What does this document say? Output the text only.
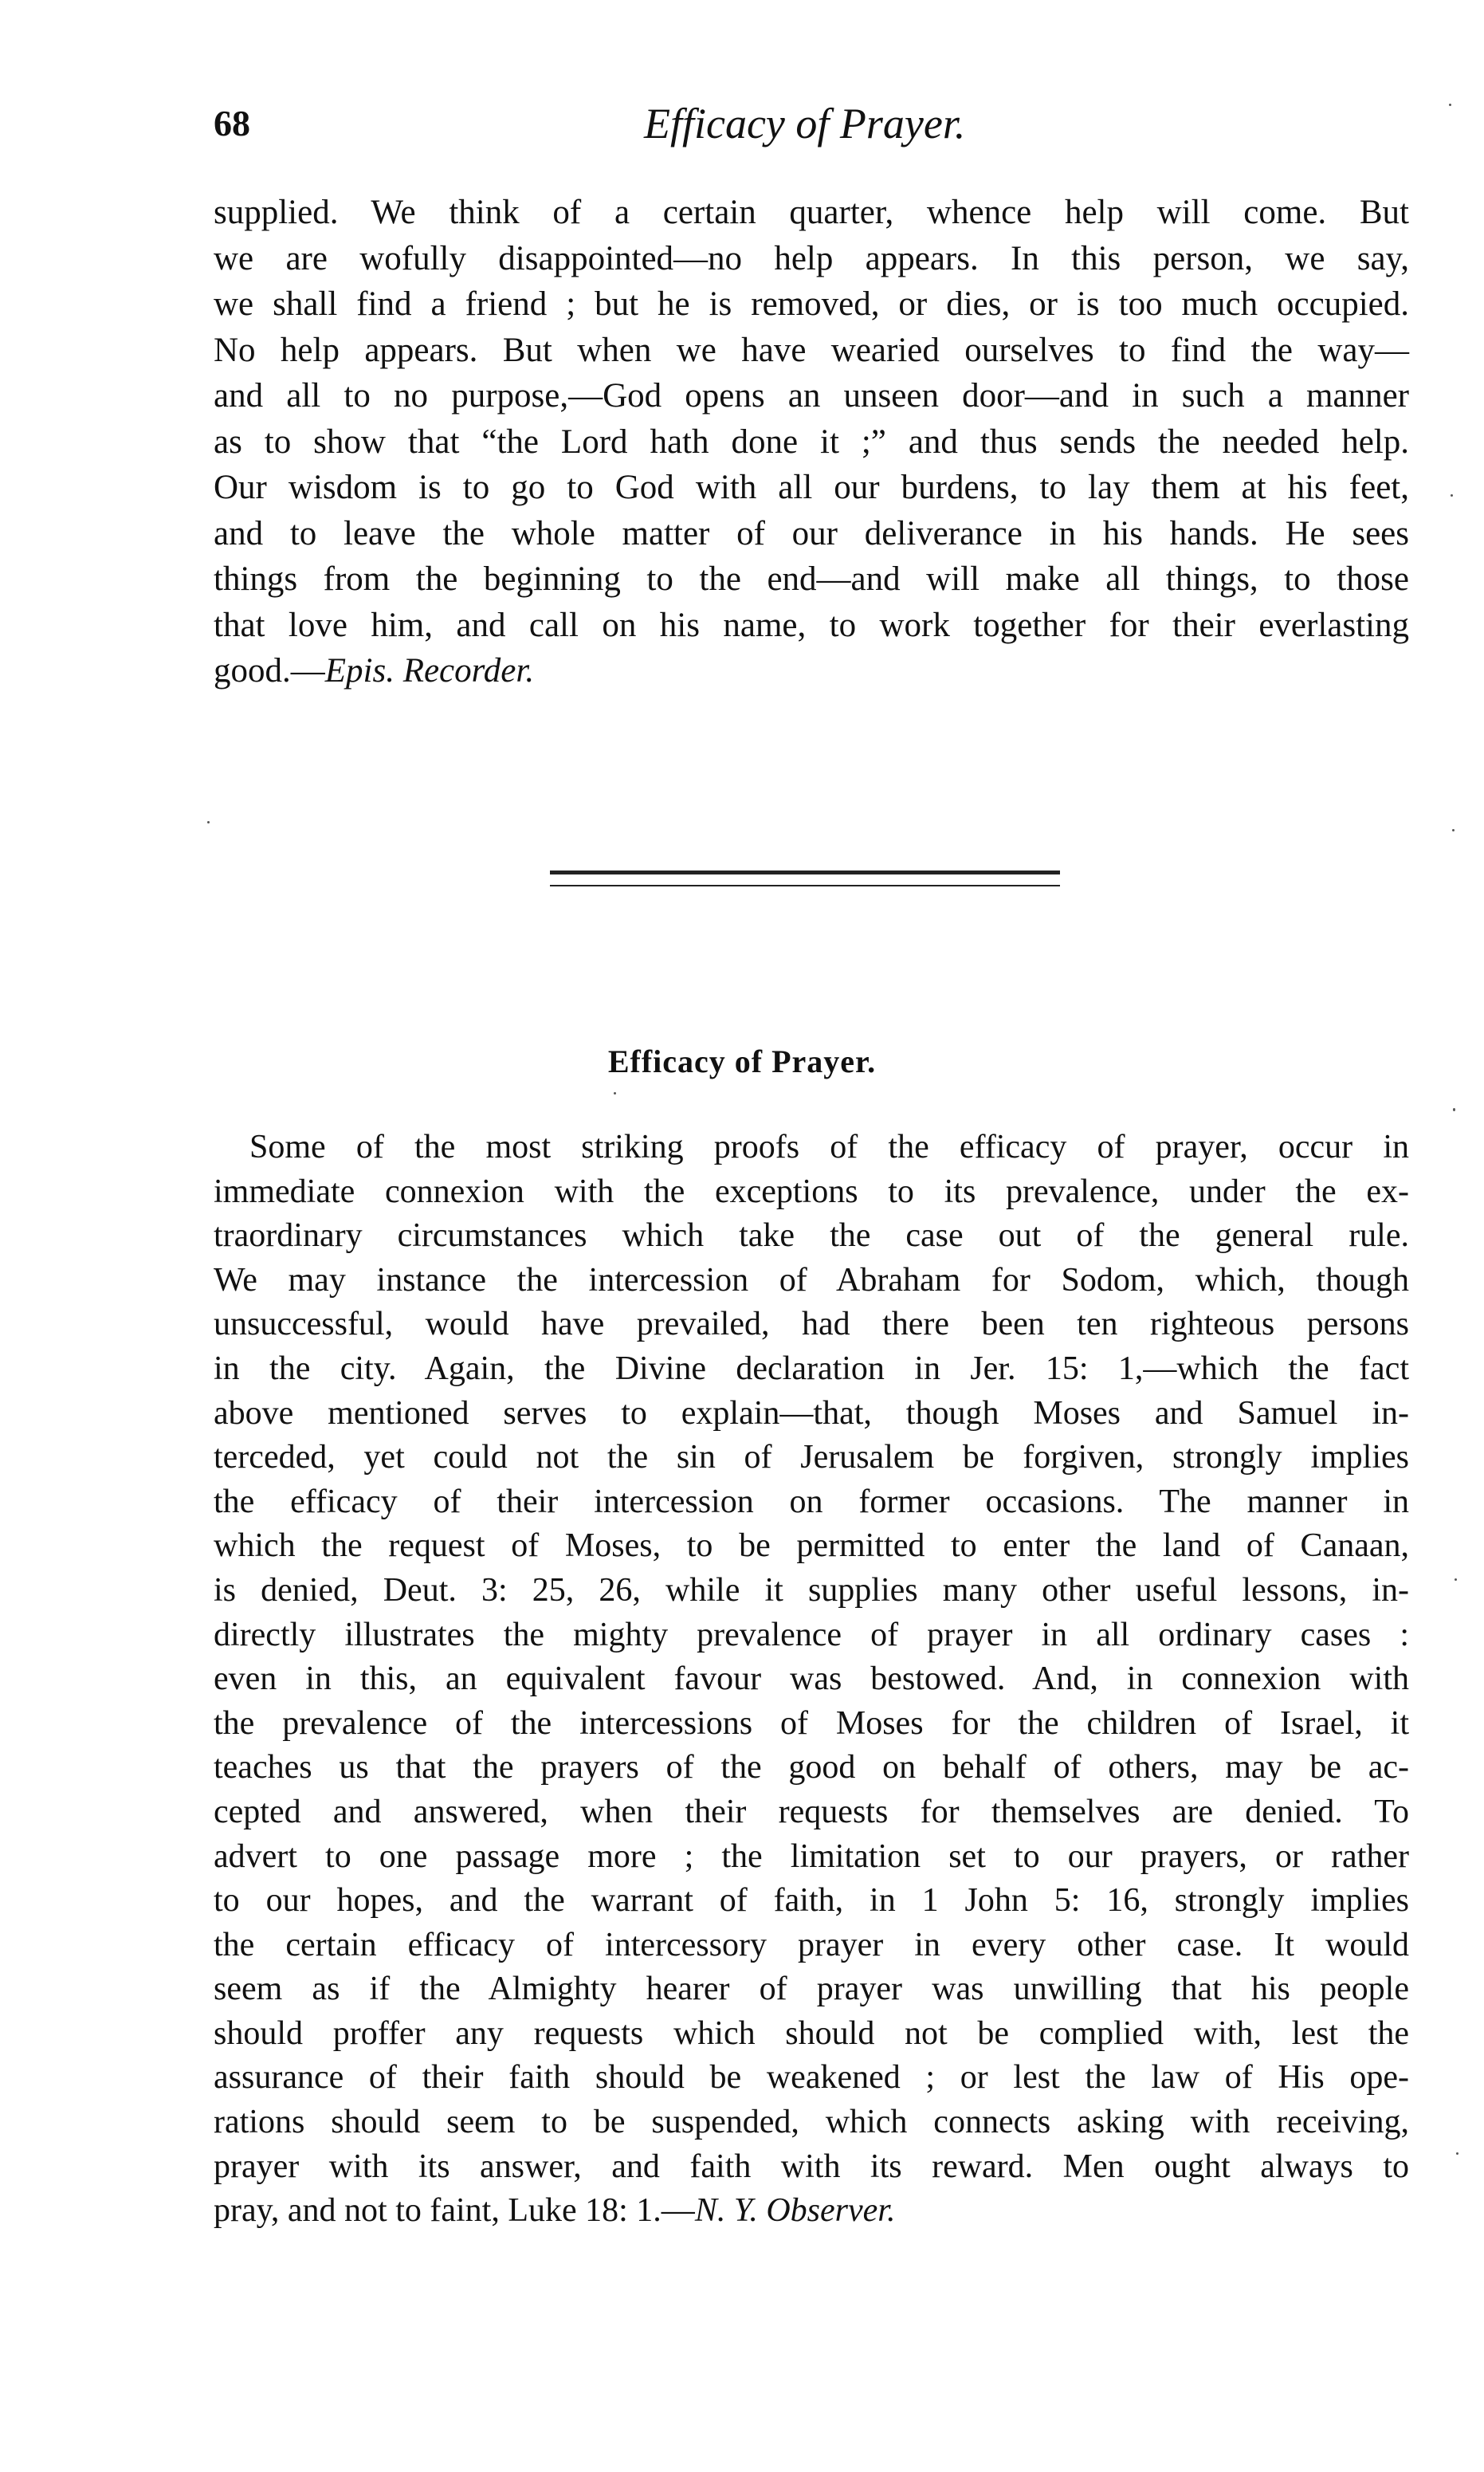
68	Efficacy of Prayer.
supplied. We think of a certain quarter, whence help will come. But
we are wofully disappointed—no help appears. In this person, we say,
we shall find a friend ; but he is removed, or dies, or is too much occupied.
No help appears. But when we have wearied ourselves to find the way—
and all to no purpose,—God opens an unseen door—and in such a manner
as to show that “the Lord hath done it ;” and thus sends the needed help.
Our wisdom is to go to God with all our burdens, to lay them at his feet,
and to leave the whole matter of our deliverance in his hands. He sees
things from the beginning to the end—and will make all things, to those
that love him, and call on his name, to work together for their everlasting
good.—Epis. Recorder.
Efficacy of Prayer.
Some of the most striking proofs of the efficacy of prayer, occur in
immediate connexion with the exceptions to its prevalence, under the ex-
traordinary circumstances which take the case out of the general rule.
We may instance the intercession of Abraham for Sodom, which, though
unsuccessful, would have prevailed, had there been ten righteous persons
in the city. Again, the Divine declaration in Jer. 15: 1,—which the fact
above mentioned serves to explain—that, though Moses and Samuel in-
terceded, yet could not the sin of Jerusalem be forgiven, strongly implies
the efficacy of their intercession on former occasions. The manner in
which the request of Moses, to be permitted to enter the land of Canaan,
is denied, Deut. 3: 25, 26, while it supplies many other useful lessons, in-
directly illustrates the mighty prevalence of prayer in all ordinary cases :
even in this, an equivalent favour was bestowed. And, in connexion with
the prevalence of the intercessions of Moses for the children of Israel, it
teaches us that the prayers of the good on behalf of others, may be ac-
cepted and answered, when their requests for themselves are denied. To
advert to one passage more ; the limitation set to our prayers, or rather
to our hopes, and the warrant of faith, in 1 John 5: 16, strongly implies
the certain efficacy of intercessory prayer in every other case. It would
seem as if the Almighty hearer of prayer was unwilling that his people
should proffer any requests which should not be complied with, lest the
assurance of their faith should be weakened ; or lest the law of His ope-
rations should seem to be suspended, which connects asking with receiving,
prayer with its answer, and faith with its reward. Men ought always to
pray, and not to faint, Luke 18: 1.—N. Y. Observer.
